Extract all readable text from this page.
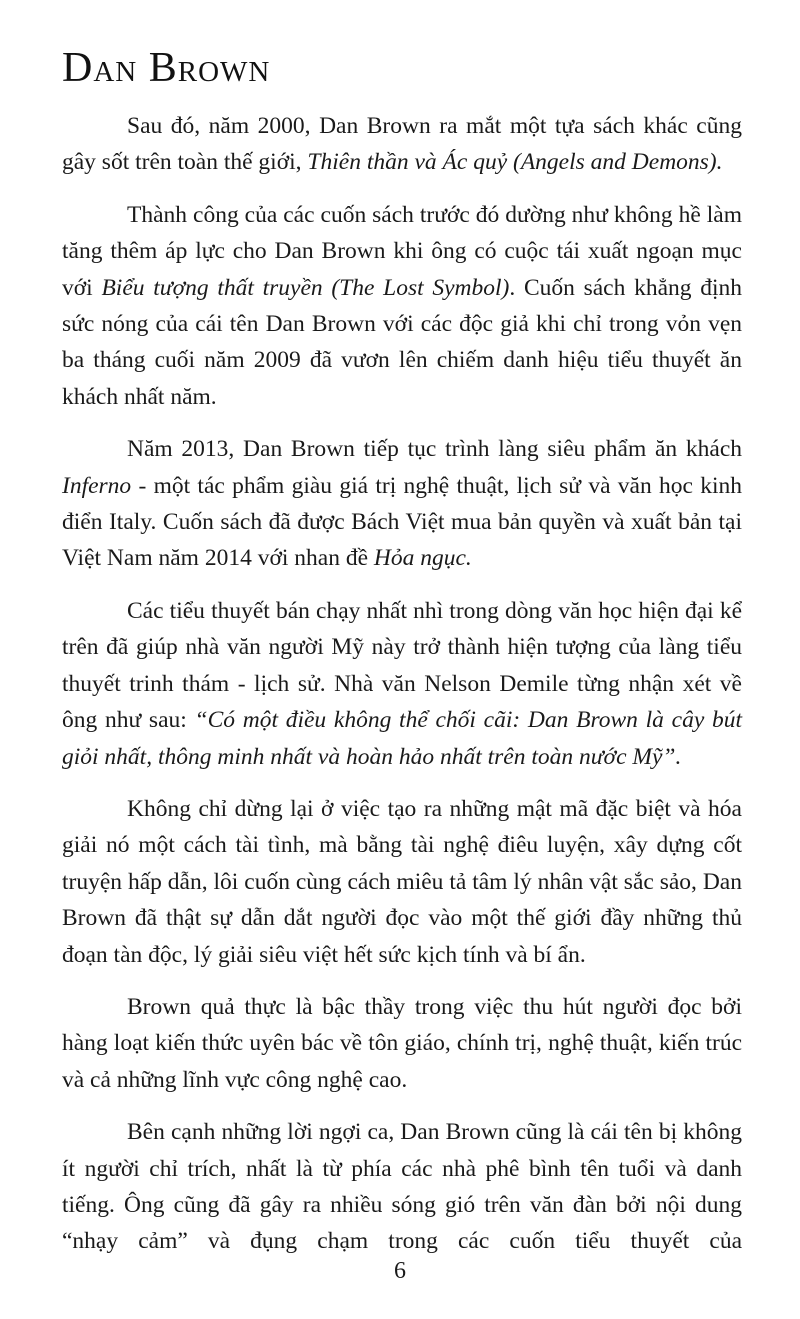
Dan Brown

Sau đó, năm 2000, Dan Brown ra mắt một tựa sách khác cũng gây sốt trên toàn thế giới, Thiên thần và Ác quỷ (Angels and Demons).

Thành công của các cuốn sách trước đó dường như không hề làm tăng thêm áp lực cho Dan Brown khi ông có cuộc tái xuất ngoạn mục với Biểu tượng thất truyền (The Lost Symbol). Cuốn sách khẳng định sức nóng của cái tên Dan Brown với các độc giả khi chỉ trong vỏn vẹn ba tháng cuối năm 2009 đã vươn lên chiếm danh hiệu tiểu thuyết ăn khách nhất năm.

Năm 2013, Dan Brown tiếp tục trình làng siêu phẩm ăn khách Inferno - một tác phẩm giàu giá trị nghệ thuật, lịch sử và văn học kinh điển Italy. Cuốn sách đã được Bách Việt mua bản quyền và xuất bản tại Việt Nam năm 2014 với nhan đề Hỏa ngục.

Các tiểu thuyết bán chạy nhất nhì trong dòng văn học hiện đại kể trên đã giúp nhà văn người Mỹ này trở thành hiện tượng của làng tiểu thuyết trinh thám - lịch sử. Nhà văn Nelson Demile từng nhận xét về ông như sau: “Có một điều không thể chối cãi: Dan Brown là cây bút giỏi nhất, thông minh nhất và hoàn hảo nhất trên toàn nước Mỹ”.

Không chỉ dừng lại ở việc tạo ra những mật mã đặc biệt và hóa giải nó một cách tài tình, mà bằng tài nghệ điêu luyện, xây dựng cốt truyện hấp dẫn, lôi cuốn cùng cách miêu tả tâm lý nhân vật sắc sảo, Dan Brown đã thật sự dẫn dắt người đọc vào một thế giới đầy những thủ đoạn tàn độc, lý giải siêu việt hết sức kịch tính và bí ẩn.

Brown quả thực là bậc thầy trong việc thu hút người đọc bởi hàng loạt kiến thức uyên bác về tôn giáo, chính trị, nghệ thuật, kiến trúc và cả những lĩnh vực công nghệ cao.

Bên cạnh những lời ngợi ca, Dan Brown cũng là cái tên bị không ít người chỉ trích, nhất là từ phía các nhà phê bình tên tuổi và danh tiếng. Ông cũng đã gây ra nhiều sóng gió trên văn đàn bởi nội dung “nhạy cảm” và đụng chạm trong các cuốn tiểu thuyết của

6
